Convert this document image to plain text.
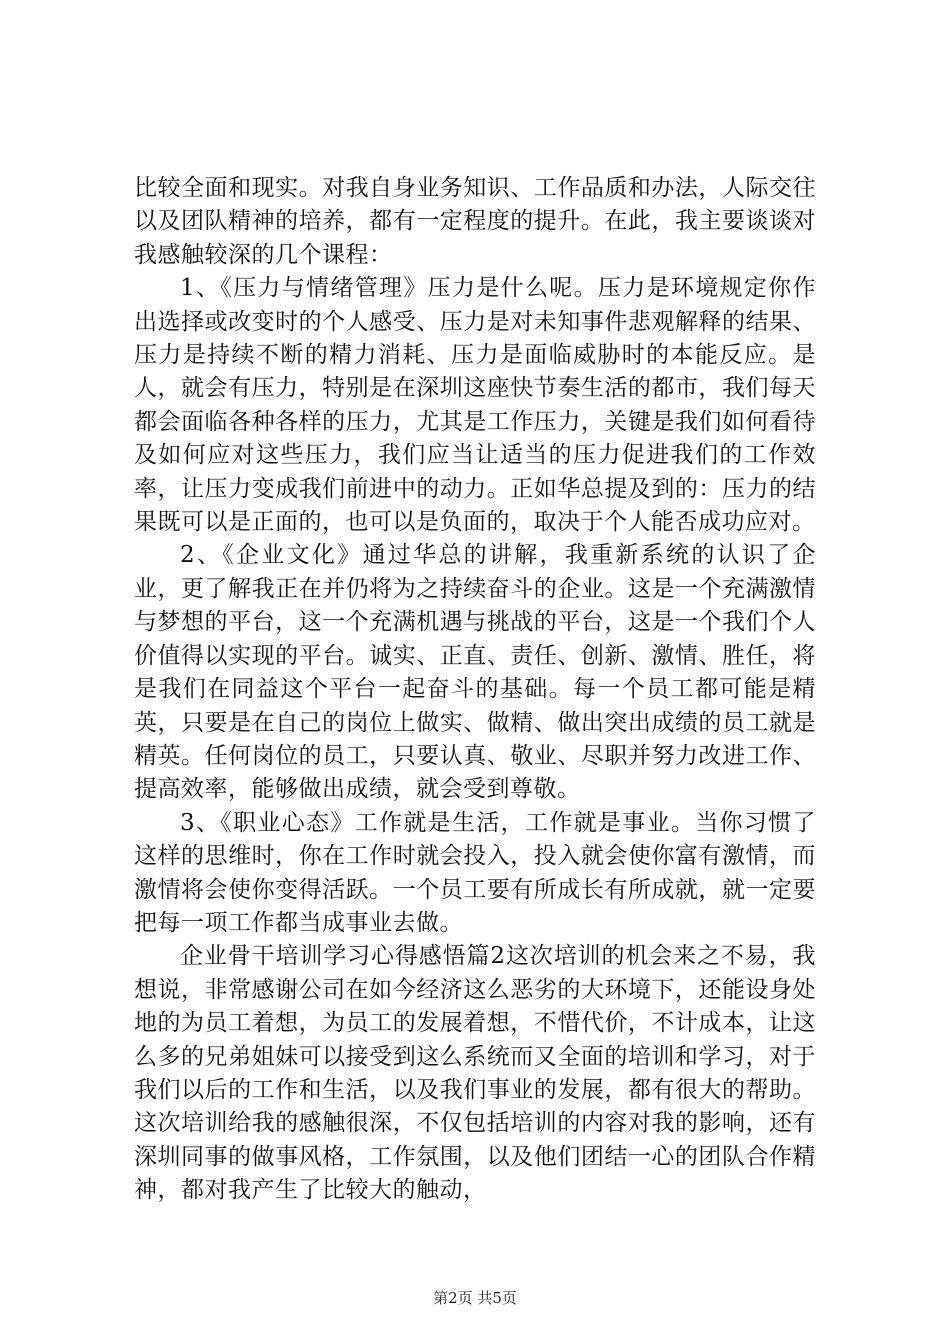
比较全面和现实。对我自身业务知识、工作品质和办法，人际交往以及团队精神的培养，都有一定程度的提升。在此，我主要谈谈对我感触较深的几个课程：

1、《压力与情绪管理》压力是什么呢。压力是环境规定你作出选择或改变时的个人感受、压力是对未知事件悲观解释的结果、压力是持续不断的精力消耗、压力是面临威胁时的本能反应。是人，就会有压力，特别是在深圳这座快节奏生活的都市，我们每天都会面临各种各样的压力，尤其是工作压力，关键是我们如何看待及如何应对这些压力，我们应当让适当的压力促进我们的工作效率，让压力变成我们前进中的动力。正如华总提及到的：压力的结果既可以是正面的，也可以是负面的，取决于个人能否成功应对。

2、《企业文化》通过华总的讲解，我重新系统的认识了企业，更了解我正在并仍将为之持续奋斗的企业。这是一个充满激情与梦想的平台，这一个充满机遇与挑战的平台，这是一个我们个人价值得以实现的平台。诚实、正直、责任、创新、激情、胜任，将是我们在同益这个平台一起奋斗的基础。每一个员工都可能是精英，只要是在自己的岗位上做实、做精、做出突出成绩的员工就是精英。任何岗位的员工，只要认真、敬业、尽职并努力改进工作、提高效率，能够做出成绩，就会受到尊敬。

3、《职业心态》工作就是生活，工作就是事业。当你习惯了这样的思维时，你在工作时就会投入，投入就会使你富有激情，而激情将会使你变得活跃。一个员工要有所成长有所成就，就一定要把每一项工作都当成事业去做。

企业骨干培训学习心得感悟篇2这次培训的机会来之不易，我想说，非常感谢公司在如今经济这么恶劣的大环境下，还能设身处地的为员工着想，为员工的发展着想，不惜代价，不计成本，让这么多的兄弟姐妹可以接受到这么系统而又全面的培训和学习，对于我们以后的工作和生活，以及我们事业的发展，都有很大的帮助。这次培训给我的感触很深，不仅包括培训的内容对我的影响，还有深圳同事的做事风格，工作氛围，以及他们团结一心的团队合作精神，都对我产生了比较大的触动，

第2页 共5页
